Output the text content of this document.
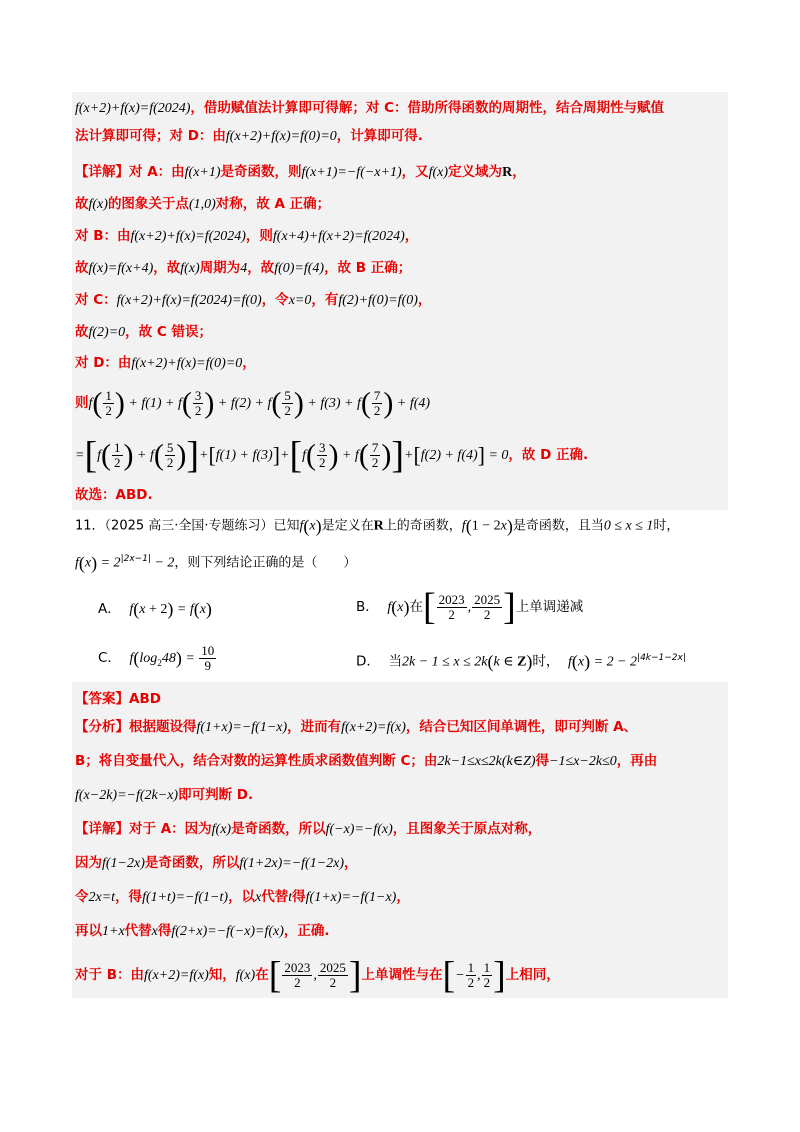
f(x+2)+f(x)=f(2024)，借助赋值法计算即可得解；对 C：借助所得函数的周期性，结合周期性与赋值
法计算即可得；对 D：由f(x+2)+f(x)=f(0)=0，计算即可得.
【详解】对 A：由f(x+1)是奇函数，则f(x+1)=−f(−x+1)，又f(x)定义域为R，
故f(x)的图象关于点(1,0)对称，故 A 正确；
对 B：由f(x+2)+f(x)=f(2024)，则f(x+4)+f(x+2)=f(2024)，
故f(x)=f(x+4)，故f(x)周期为4，故f(0)=f(4)，故 B 正确；
对 C：f(x+2)+f(x)=f(2024)=f(0)，令x=0，有f(2)+f(0)=f(0)，
故f(2)=0，故 C 错误；
对 D：由f(x+2)+f(x)=f(0)=0，
则$f( \frac{1}{2}$ ) + $f(1) + f( \frac{3}{2}$ ) + $f(2) + f( \frac{5}{2}$ ) + $f(3) + f( \frac{7}{2}$ ) + f(4)
$=[f( \frac{1}{2}$ ) + $f( \frac{5}{2} )]+[f(1) + f(3)]+[f( \frac{3}{2}$ ) + $f( \frac{7}{2} )]+[f(2) + f(4)] = 0$，故 D 正确.
故选：ABD.
11．（2025 高三·全国·专题练习）已知f(x)是定义在R上的奇函数，f(1 − 2x)是奇函数，且当0 ≤ x ≤ 1时，
$f(x) = 2^{|2x-1|} - 2$，则下列结论正确的是（　　）
A． f(x + 2) = f(x)	B． f(x)在[ $\frac{2023}{2}$ , $\frac{2025}{2}$ ]上单调递减
C． $f(\log_248) = \frac{10}{9}$	D． 当2k − 1 ≤ x ≤ 2k(k ∈ Z)时， $f(x) = 2 - 2^{|4k-1-2x|}$
【答案】ABD
【分析】根据题设得f(1+x)=−f(1−x)，进而有f(x+2)=f(x)，结合已知区间单调性，即可判断 A、
B；将自变量代入，结合对数的运算性质求函数值判断 C；由2k−1≤x≤2k(k∈Z)得−1≤x−2k≤0，再由
f(x−2k)=−f(2k−x)即可判断 D.
【详解】对于 A：因为f(x)是奇函数，所以f(−x)=−f(x)，且图象关于原点对称，
因为f(1−2x)是奇函数，所以f(1+2x)=−f(1−2x)，
令2x=t，得f(1+t)=−f(1−t)，以x代替t得f(1+x)=−f(1−x)，
再以1+x代替x得f(2+x)=−f(−x)=f(x)，正确.
对于 B：由f(x+2)=f(x)知，f(x)在[ $\frac{2023}{2}$ , $\frac{2025}{2}$ ]上单调性与在[− $\frac{1}{2}$ , $\frac{1}{2}$ ]上相同，
